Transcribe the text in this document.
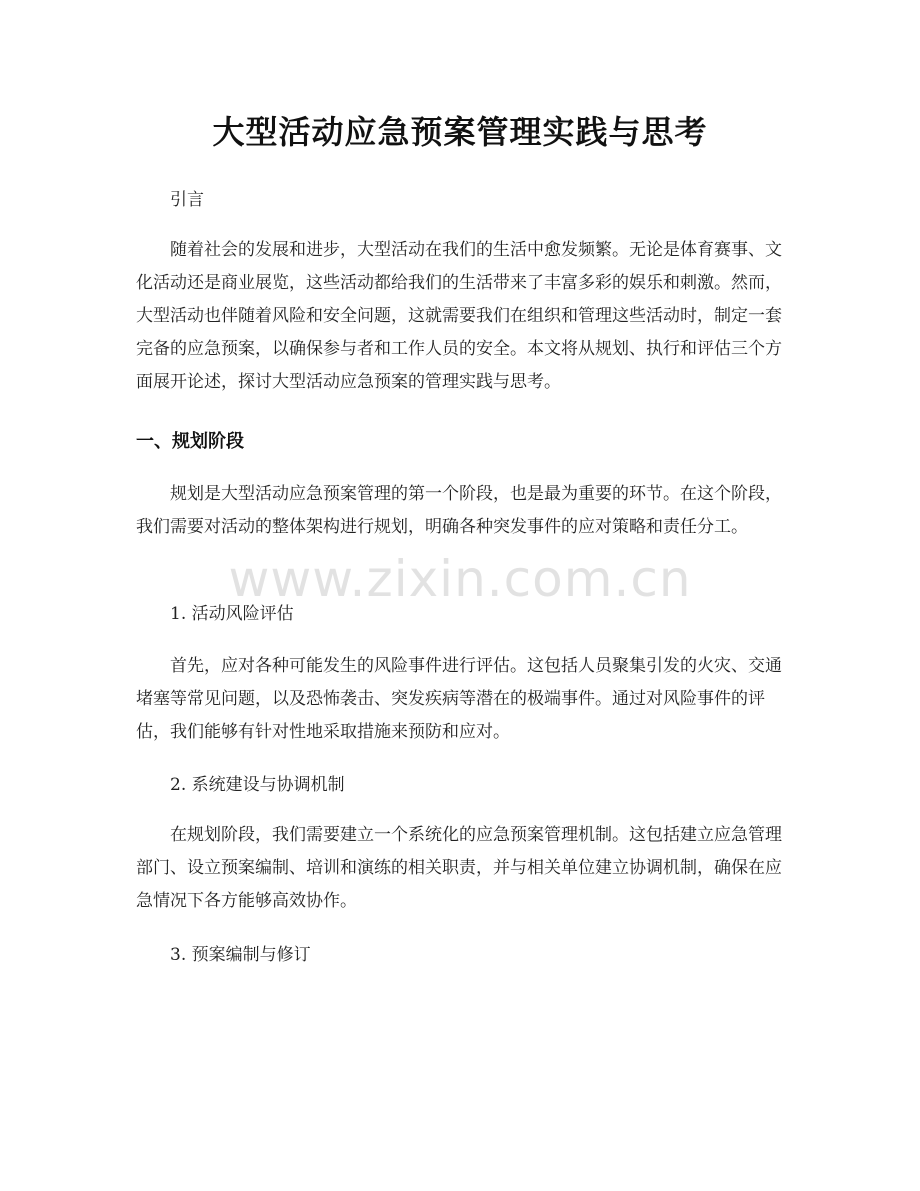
大型活动应急预案管理实践与思考
引言
随着社会的发展和进步，大型活动在我们的生活中愈发频繁。无论是体育赛事、文化活动还是商业展览，这些活动都给我们的生活带来了丰富多彩的娱乐和刺激。然而，大型活动也伴随着风险和安全问题，这就需要我们在组织和管理这些活动时，制定一套完备的应急预案，以确保参与者和工作人员的安全。本文将从规划、执行和评估三个方面展开论述，探讨大型活动应急预案的管理实践与思考。
一、规划阶段
规划是大型活动应急预案管理的第一个阶段，也是最为重要的环节。在这个阶段，我们需要对活动的整体架构进行规划，明确各种突发事件的应对策略和责任分工。
1. 活动风险评估
首先，应对各种可能发生的风险事件进行评估。这包括人员聚集引发的火灾、交通堵塞等常见问题，以及恐怖袭击、突发疾病等潜在的极端事件。通过对风险事件的评估，我们能够有针对性地采取措施来预防和应对。
2. 系统建设与协调机制
在规划阶段，我们需要建立一个系统化的应急预案管理机制。这包括建立应急管理部门、设立预案编制、培训和演练的相关职责，并与相关单位建立协调机制，确保在应急情况下各方能够高效协作。
3. 预案编制与修订
www.zixin.com.cn
